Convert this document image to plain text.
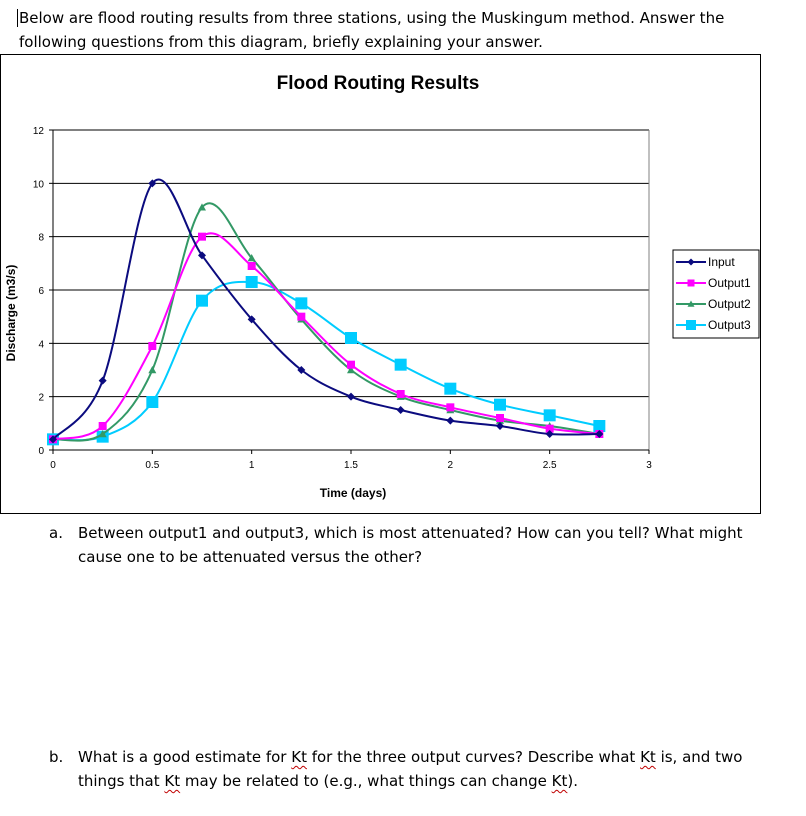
Below are flood routing results from three stations, using the Muskingum method. Answer the following questions from this diagram, briefly explaining your answer.
Flood Routing Results
Time (days)
Discharge (m3/s)
0
2
4
6
8
10
12
0	0.5	1	1.5	2	2.5	3
Input
Output1
Output2
Output3
a. Between output1 and output3, which is most attenuated? How can you tell? What might cause one to be attenuated versus the other?
b. What is a good estimate for Kt for the three output curves? Describe what Kt is, and two things that Kt may be related to (e.g., what things can change Kt).
